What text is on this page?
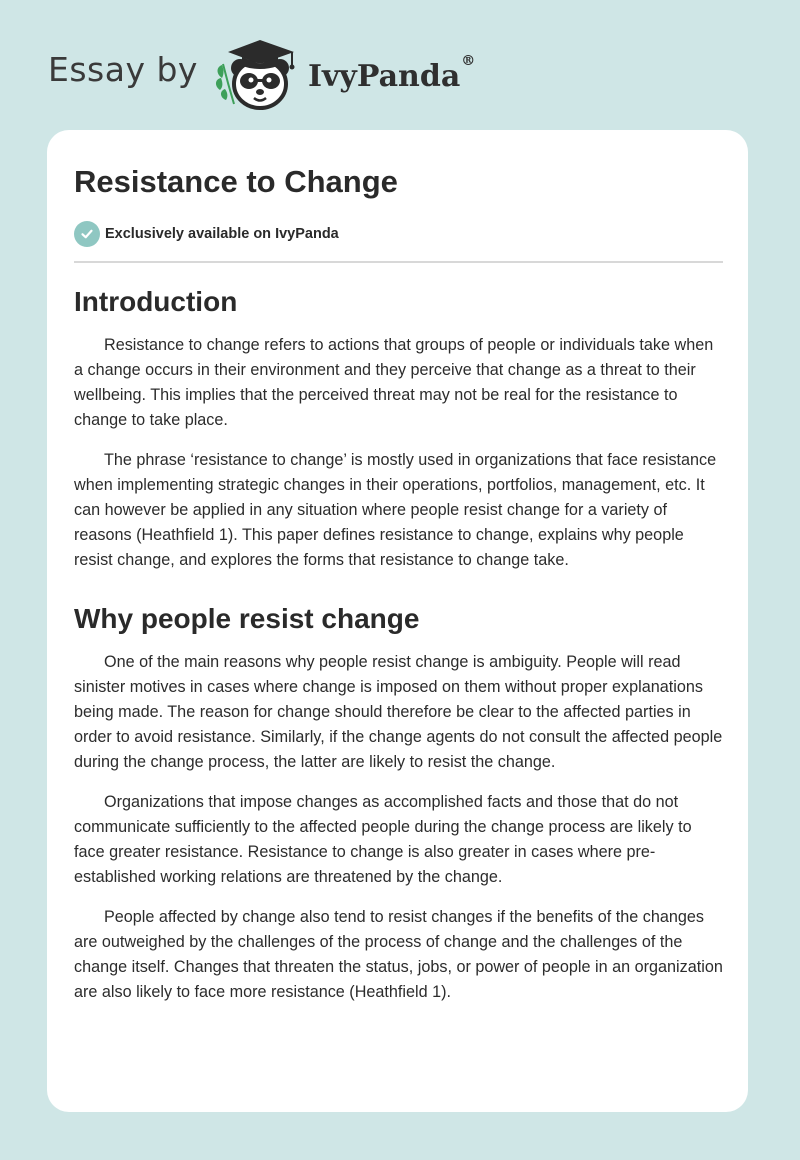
Essay by	IvyPanda®
Resistance to Change
Exclusively available on IvyPanda
Introduction

Resistance to change refers to actions that groups of people or individuals take when a change occurs in their environment and they perceive that change as a threat to their wellbeing. This implies that the perceived threat may not be real for the resistance to change to take place.

The phrase ‘resistance to change’ is mostly used in organizations that face resistance when implementing strategic changes in their operations, portfolios, management, etc. It can however be applied in any situation where people resist change for a variety of reasons (Heathfield 1). This paper defines resistance to change, explains why people resist change, and explores the forms that resistance to change take.

Why people resist change

One of the main reasons why people resist change is ambiguity. People will read sinister motives in cases where change is imposed on them without proper explanations being made. The reason for change should therefore be clear to the affected parties in order to avoid resistance. Similarly, if the change agents do not consult the affected people during the change process, the latter are likely to resist the change.

Organizations that impose changes as accomplished facts and those that do not communicate sufficiently to the affected people during the change process are likely to face greater resistance. Resistance to change is also greater in cases where pre-established working relations are threatened by the change.

People affected by change also tend to resist changes if the benefits of the changes are outweighed by the challenges of the process of change and the challenges of the change itself. Changes that threaten the status, jobs, or power of people in an organization are also likely to face more resistance (Heathfield 1).
